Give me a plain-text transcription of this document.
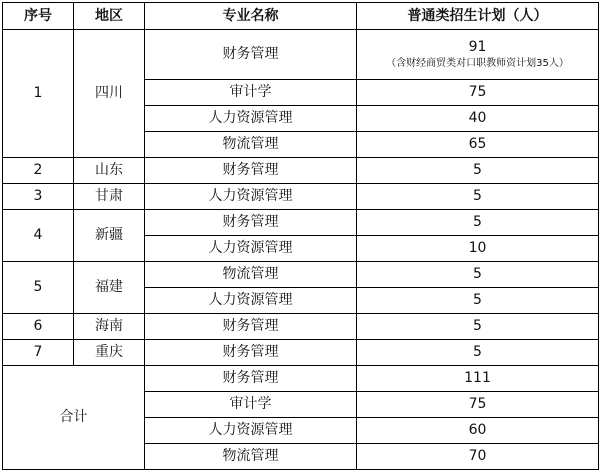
序号	地区	专业名称	普通类招生计划（人）
1	四川	财务管理	91
（含财经商贸类对口职教师资计划35人）

		审计学	75
		人力资源管理	40
		物流管理	65
2	山东	财务管理	5
3	甘肃	人力资源管理	5
4	新疆	财务管理	5
		人力资源管理	10
5	福建	物流管理	5
		人力资源管理	5
6	海南	财务管理	5
7	重庆	财务管理	5
合计		财务管理	111
		审计学	75
		人力资源管理	60
		物流管理	70
